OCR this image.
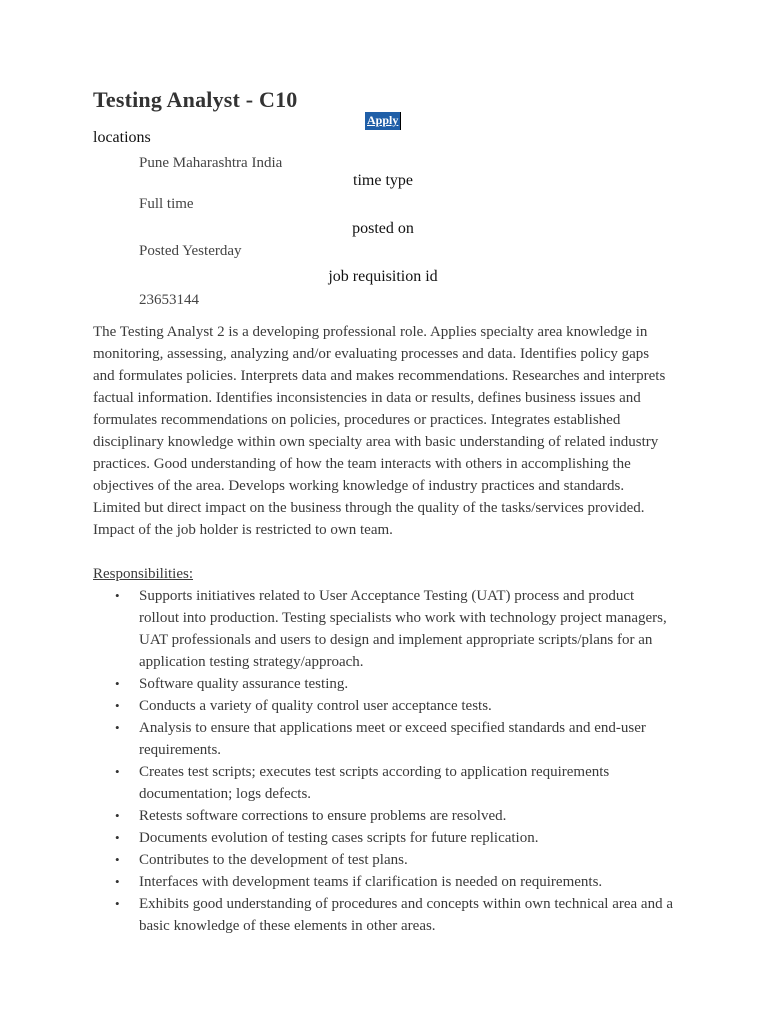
Testing Analyst - C10
Apply
locations
Pune Maharashtra India
time type
Full time
posted on
Posted Yesterday
job requisition id
23653144

The Testing Analyst 2 is a developing professional role. Applies specialty area knowledge in monitoring, assessing, analyzing and/or evaluating processes and data. Identifies policy gaps and formulates policies. Interprets data and makes recommendations. Researches and interprets factual information. Identifies inconsistencies in data or results, defines business issues and formulates recommendations on policies, procedures or practices. Integrates established disciplinary knowledge within own specialty area with basic understanding of related industry practices. Good understanding of how the team interacts with others in accomplishing the objectives of the area. Develops working knowledge of industry practices and standards. Limited but direct impact on the business through the quality of the tasks/services provided. Impact of the job holder is restricted to own team.

Responsibilities:

• Supports initiatives related to User Acceptance Testing (UAT) process and product rollout into production. Testing specialists who work with technology project managers, UAT professionals and users to design and implement appropriate scripts/plans for an application testing strategy/approach.
• Software quality assurance testing.
• Conducts a variety of quality control user acceptance tests.
• Analysis to ensure that applications meet or exceed specified standards and end-user requirements.
• Creates test scripts; executes test scripts according to application requirements documentation; logs defects.
• Retests software corrections to ensure problems are resolved.
• Documents evolution of testing cases scripts for future replication.
• Contributes to the development of test plans.
• Interfaces with development teams if clarification is needed on requirements.
• Exhibits good understanding of procedures and concepts within own technical area and a basic knowledge of these elements in other areas.
